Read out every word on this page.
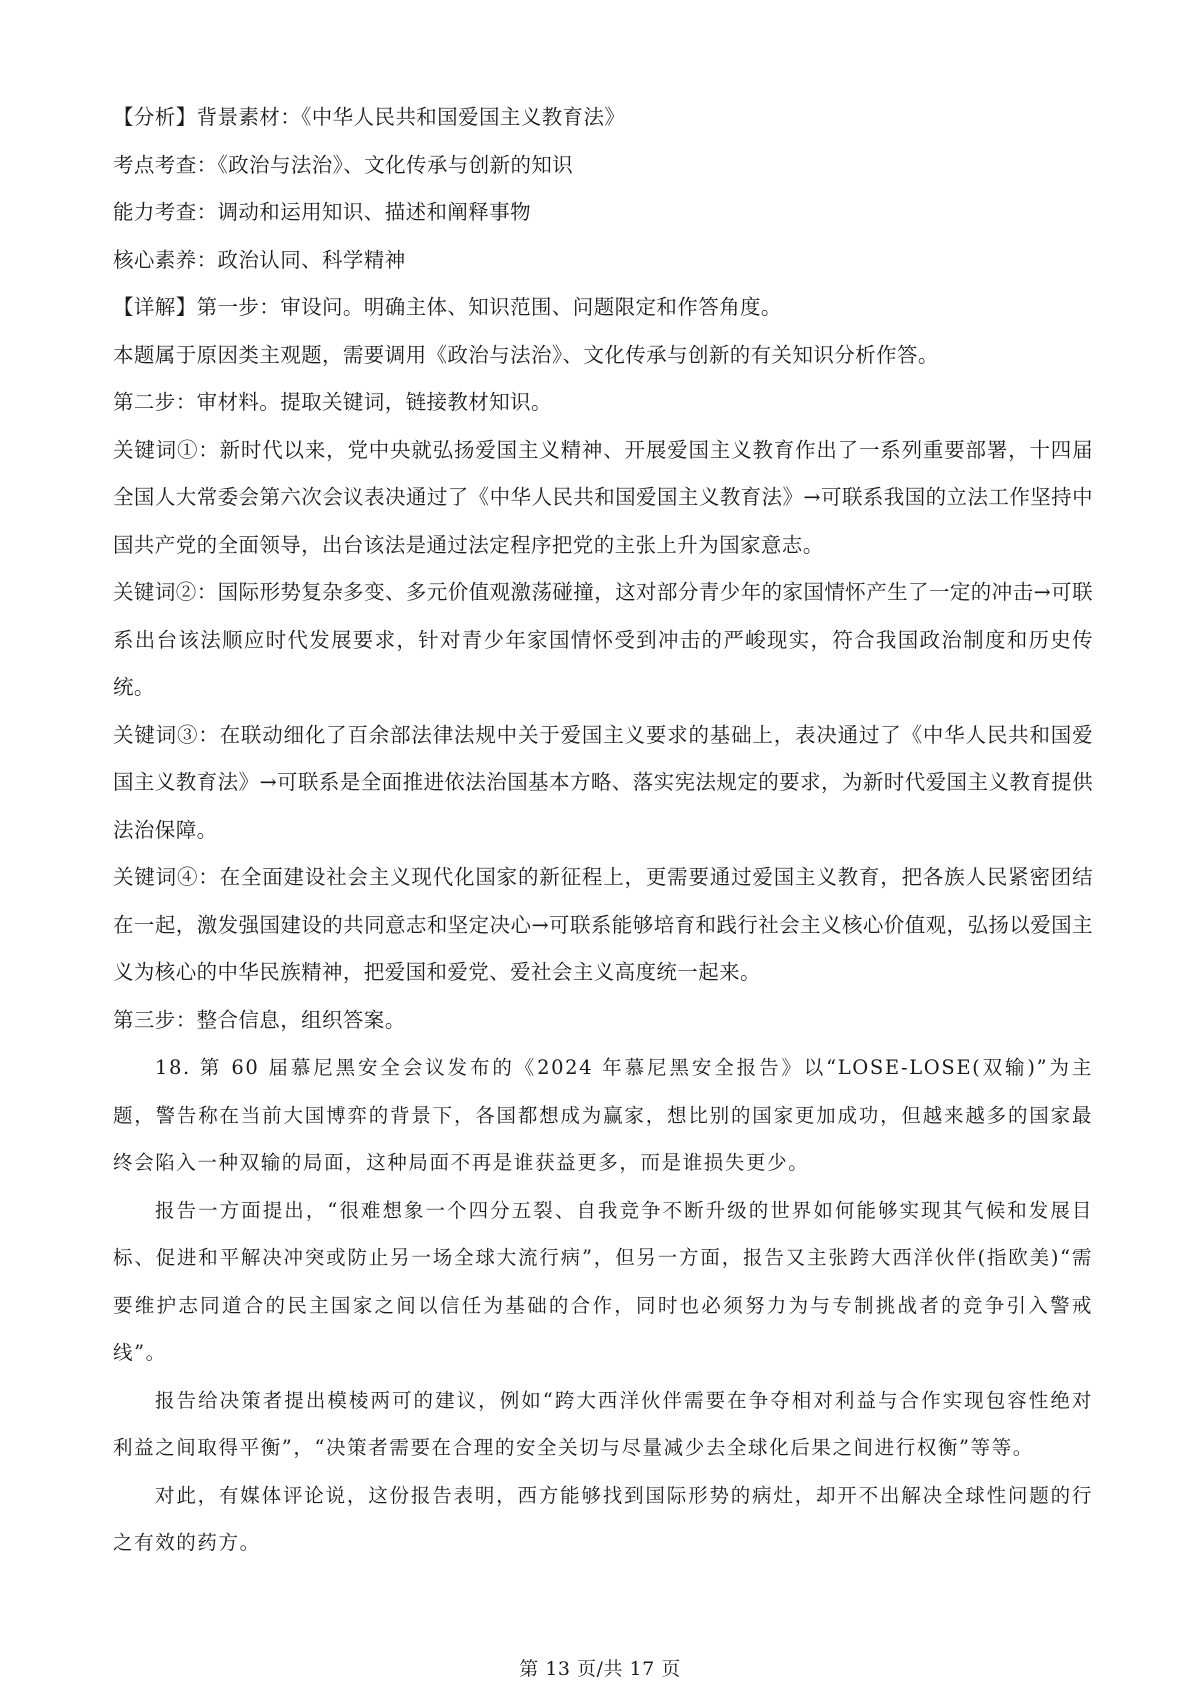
【分析】背景素材：《中华人民共和国爱国主义教育法》

考点考查：《政治与法治》、文化传承与创新的知识

能力考查：调动和运用知识、描述和阐释事物

核心素养：政治认同、科学精神

【详解】第一步：审设问。明确主体、知识范围、问题限定和作答角度。

本题属于原因类主观题，需要调用《政治与法治》、文化传承与创新的有关知识分析作答。

第二步：审材料。提取关键词，链接教材知识。

关键词①：新时代以来，党中央就弘扬爱国主义精神、开展爱国主义教育作出了一系列重要部署，十四届全国人大常委会第六次会议表决通过了《中华人民共和国爱国主义教育法》→可联系我国的立法工作坚持中国共产党的全面领导，出台该法是通过法定程序把党的主张上升为国家意志。

关键词②：国际形势复杂多变、多元价值观激荡碰撞，这对部分青少年的家国情怀产生了一定的冲击→可联系出台该法顺应时代发展要求，针对青少年家国情怀受到冲击的严峻现实，符合我国政治制度和历史传统。

关键词③：在联动细化了百余部法律法规中关于爱国主义要求的基础上，表决通过了《中华人民共和国爱国主义教育法》→可联系是全面推进依法治国基本方略、落实宪法规定的要求，为新时代爱国主义教育提供法治保障。

关键词④：在全面建设社会主义现代化国家的新征程上，更需要通过爱国主义教育，把各族人民紧密团结在一起，激发强国建设的共同意志和坚定决心→可联系能够培育和践行社会主义核心价值观，弘扬以爱国主义为核心的中华民族精神，把爱国和爱党、爱社会主义高度统一起来。

第三步：整合信息，组织答案。

18. 第 60 届慕尼黑安全会议发布的《2024 年慕尼黑安全报告》以“LOSE-LOSE(双输)”为主题，警告称在当前大国博弈的背景下，各国都想成为赢家，想比别的国家更加成功，但越来越多的国家最终会陷入一种双输的局面，这种局面不再是谁获益更多，而是谁损失更少。

报告一方面提出，“很难想象一个四分五裂、自我竞争不断升级的世界如何能够实现其气候和发展目标、促进和平解决冲突或防止另一场全球大流行病”，但另一方面，报告又主张跨大西洋伙伴(指欧美)“需要维护志同道合的民主国家之间以信任为基础的合作，同时也必须努力为与专制挑战者的竞争引入警戒线”。

报告给决策者提出模棱两可的建议，例如“跨大西洋伙伴需要在争夺相对利益与合作实现包容性绝对利益之间取得平衡”，“决策者需要在合理的安全关切与尽量减少去全球化后果之间进行权衡”等等。

对此，有媒体评论说，这份报告表明，西方能够找到国际形势的病灶，却开不出解决全球性问题的行之有效的药方。

第 13 页/共 17 页
